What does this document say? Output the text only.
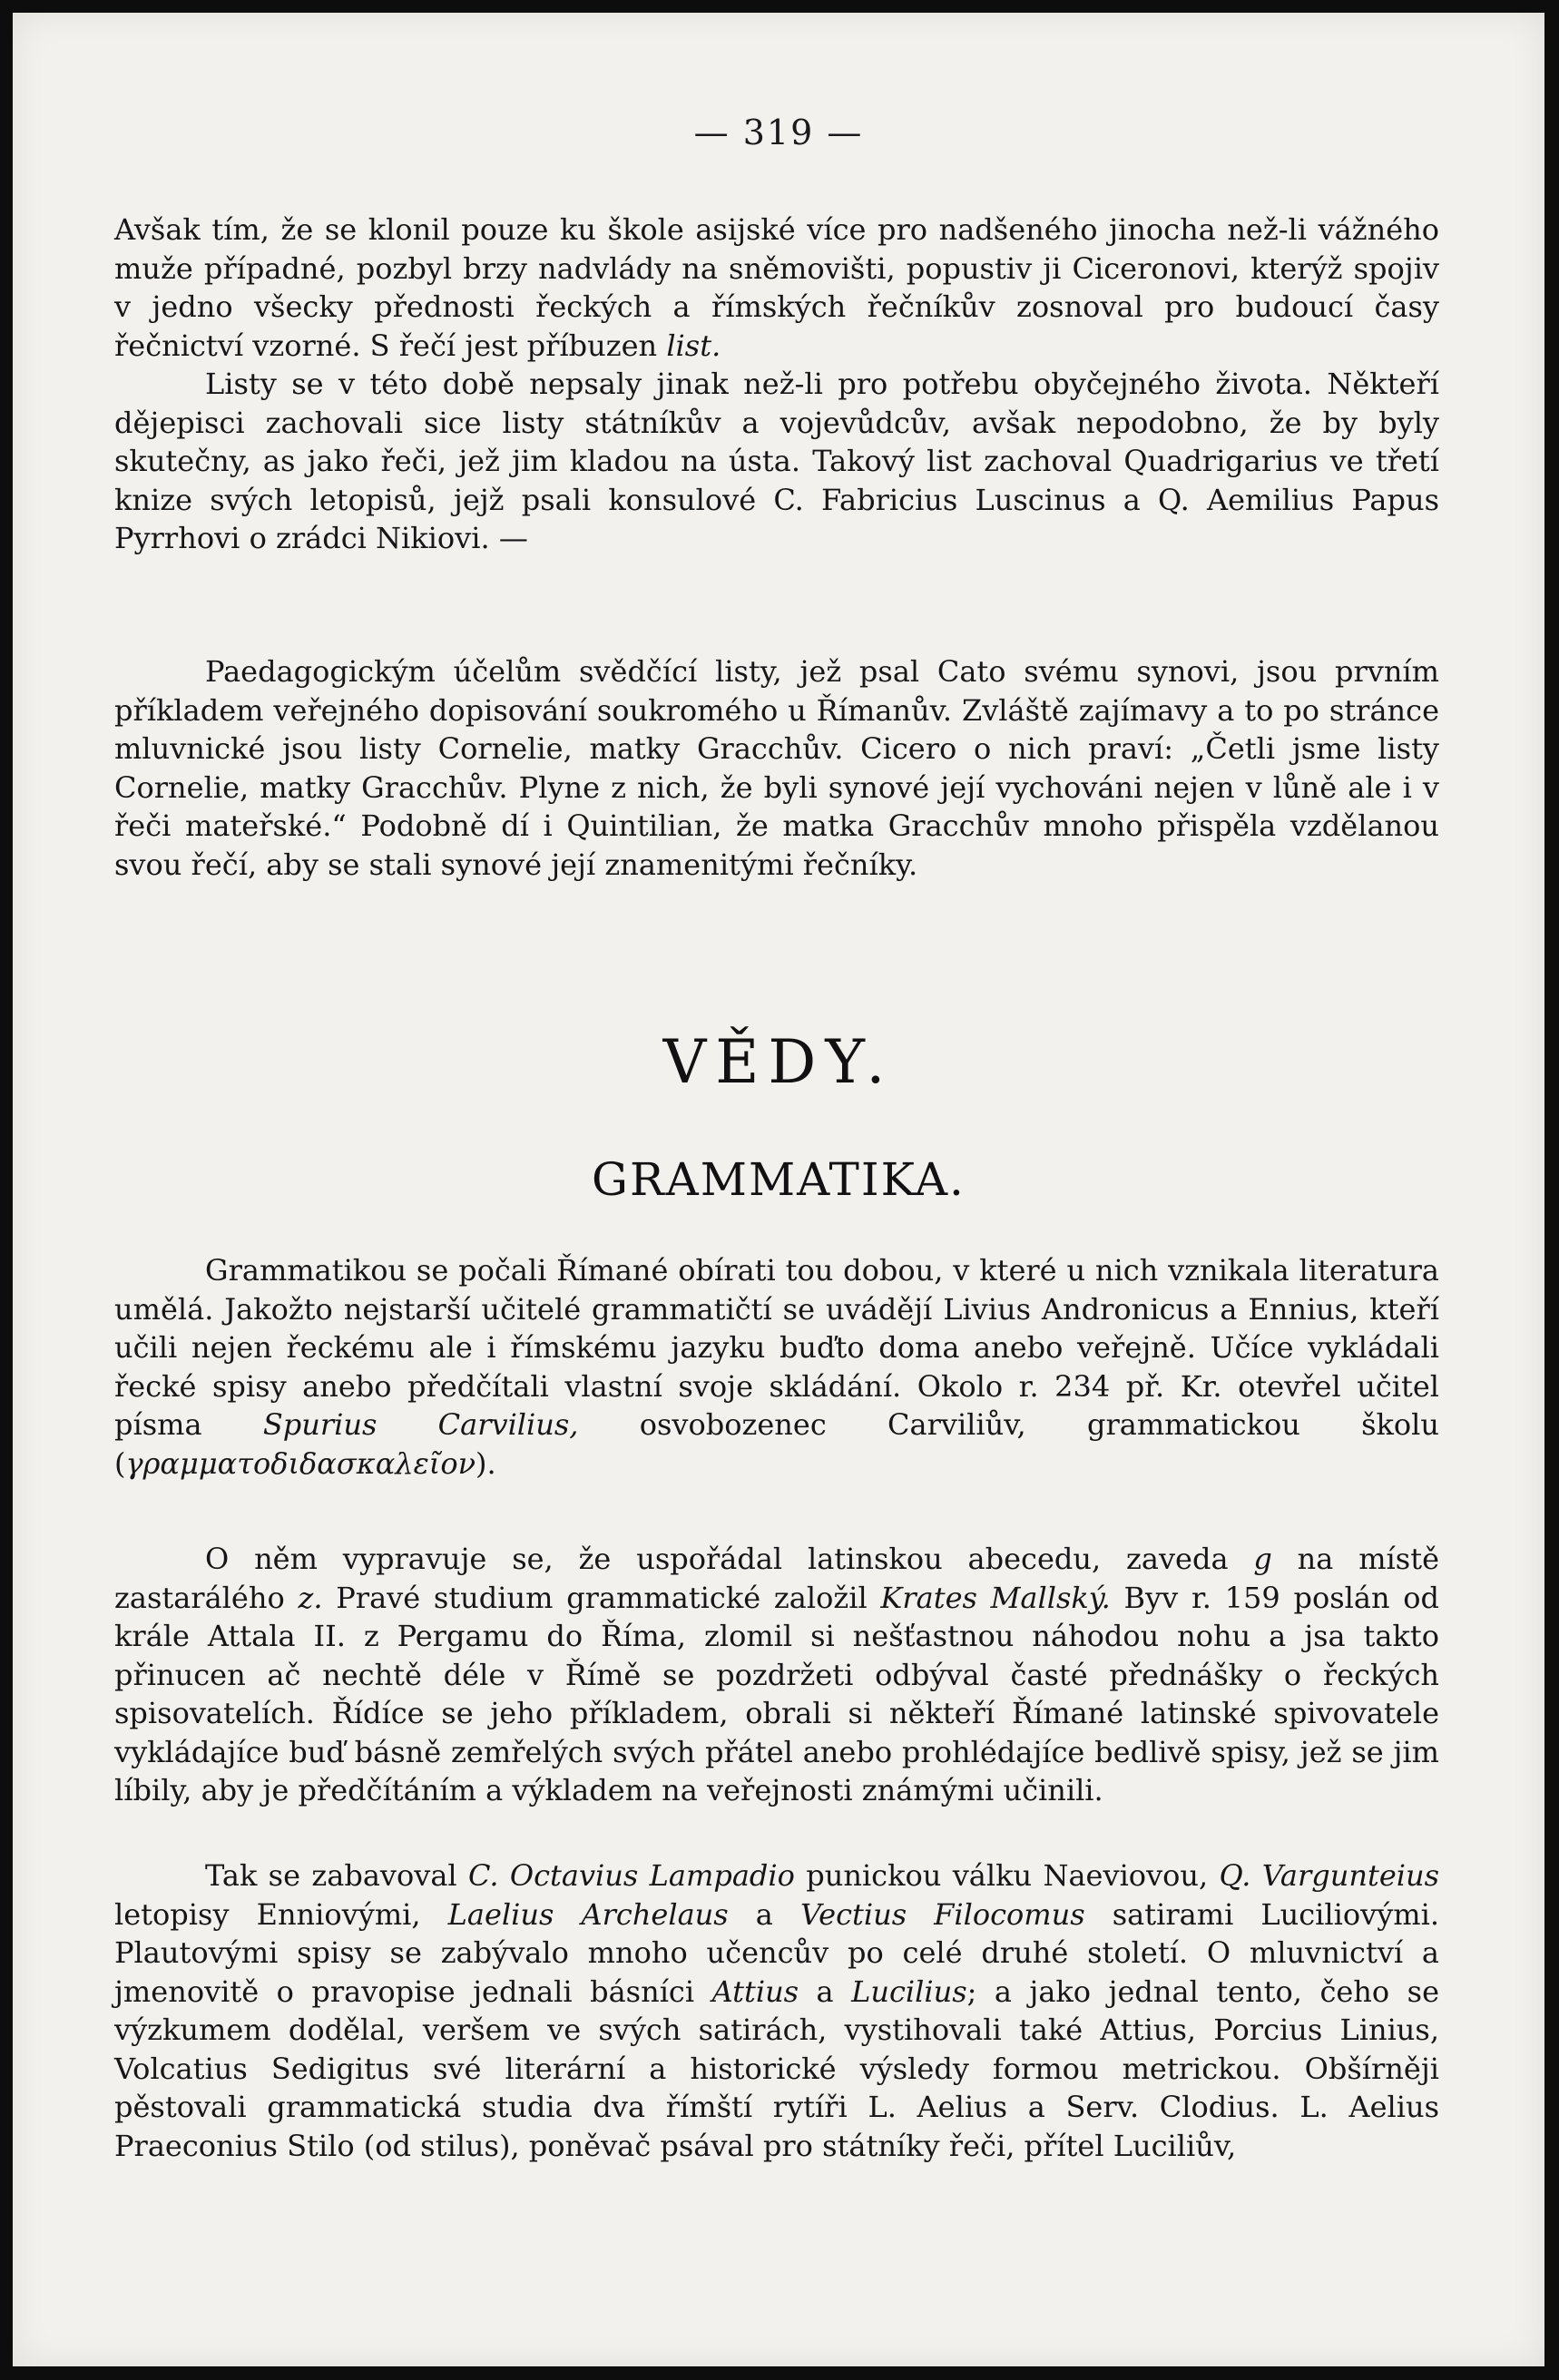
— 319 —

Avšak tím, že se klonil pouze ku škole asijské více pro nadšeného jinocha než-li vážného muže případné, pozbyl brzy nadvlády na sněmovišti, popustiv ji Ciceronovi, kterýž spojiv v jedno všecky přednosti řeckých a římských řečníkův zosnoval pro budoucí časy řečnictví vzorné. S řečí jest příbuzen list.

Listy se v této době nepsaly jinak než-li pro potřebu obyčejného života. Někteří dějepisci zachovali sice listy státníkův a vojevůdcův, avšak nepodobno, že by byly skutečny, as jako řeči, jež jim kladou na ústa. Takový list zachoval Quadrigarius ve třetí knize svých letopisů, jejž psali konsulové C. Fabricius Luscinus a Q. Aemilius Papus Pyrrhovi o zrádci Nikiovi. —

Paedagogickým účelům svědčící listy, jež psal Cato svému synovi, jsou prvním příkladem veřejného dopisování soukromého u Římanův. Zvláště zajímavy a to po stránce mluvnické jsou listy Cornelie, matky Gracchův. Cicero o nich praví: „Četli jsme listy Cornelie, matky Gracchův. Plyne z nich, že byli synové její vychováni nejen v lůně ale i v řeči mateřské.“ Podobně dí i Quintilian, že matka Gracchův mnoho přispěla vzdělanou svou řečí, aby se stali synové její znamenitými řečníky.

VĚDY.
GRAMMATIKA.

Grammatikou se počali Římané obírati tou dobou, v které u nich vznikala literatura umělá. Jakožto nejstarší učitelé grammatičtí se uvádějí Livius Andronicus a Ennius, kteří učili nejen řeckému ale i římskému jazyku buďto doma anebo veřejně. Učíce vykládali řecké spisy anebo předčítali vlastní svoje skládání. Okolo r. 234 př. Kr. otevřel učitel písma Spurius Carvilius, osvobozenec Carviliův, grammatickou školu (γραμματοδιδασκαλεῖον).

O něm vypravuje se, že uspořádal latinskou abecedu, zaveda g na místě zastarálého z. Pravé studium grammatické založil Krates Mallský. Byv r. 159 poslán od krále Attala II. z Pergamu do Říma, zlomil si nešťastnou náhodou nohu a jsa takto přinucen ač nechtě déle v Římě se pozdržeti odbýval časté přednášky o řeckých spisovatelích. Řídíce se jeho příkladem, obrali si někteří Římané latinské spivovatele vykládajíce buď básně zemřelých svých přátel anebo prohlédajíce bedlivě spisy, jež se jim líbily, aby je předčítáním a výkladem na veřejnosti známými učinili.

Tak se zabavoval C. Octavius Lampadio punickou válku Naeviovou, Q. Vargunteius letopisy Enniovými, Laelius Archelaus a Vectius Filocomus satirami Luciliovými. Plautovými spisy se zabývalo mnoho učencův po celé druhé století. O mluvnictví a jmenovitě o pravopise jednali básníci Attius a Lucilius; a jako jednal tento, čeho se výzkumem dodělal, veršem ve svých satirách, vystihovali také Attius, Porcius Linius, Volcatius Sedigitus své literární a historické výsledy formou metrickou. Obšírněji pěstovali grammatická studia dva římští rytíři L. Aelius a Serv. Clodius. L. Aelius Praeconius Stilo (od stilus), poněvač psával pro státníky řeči, přítel Luciliův,
